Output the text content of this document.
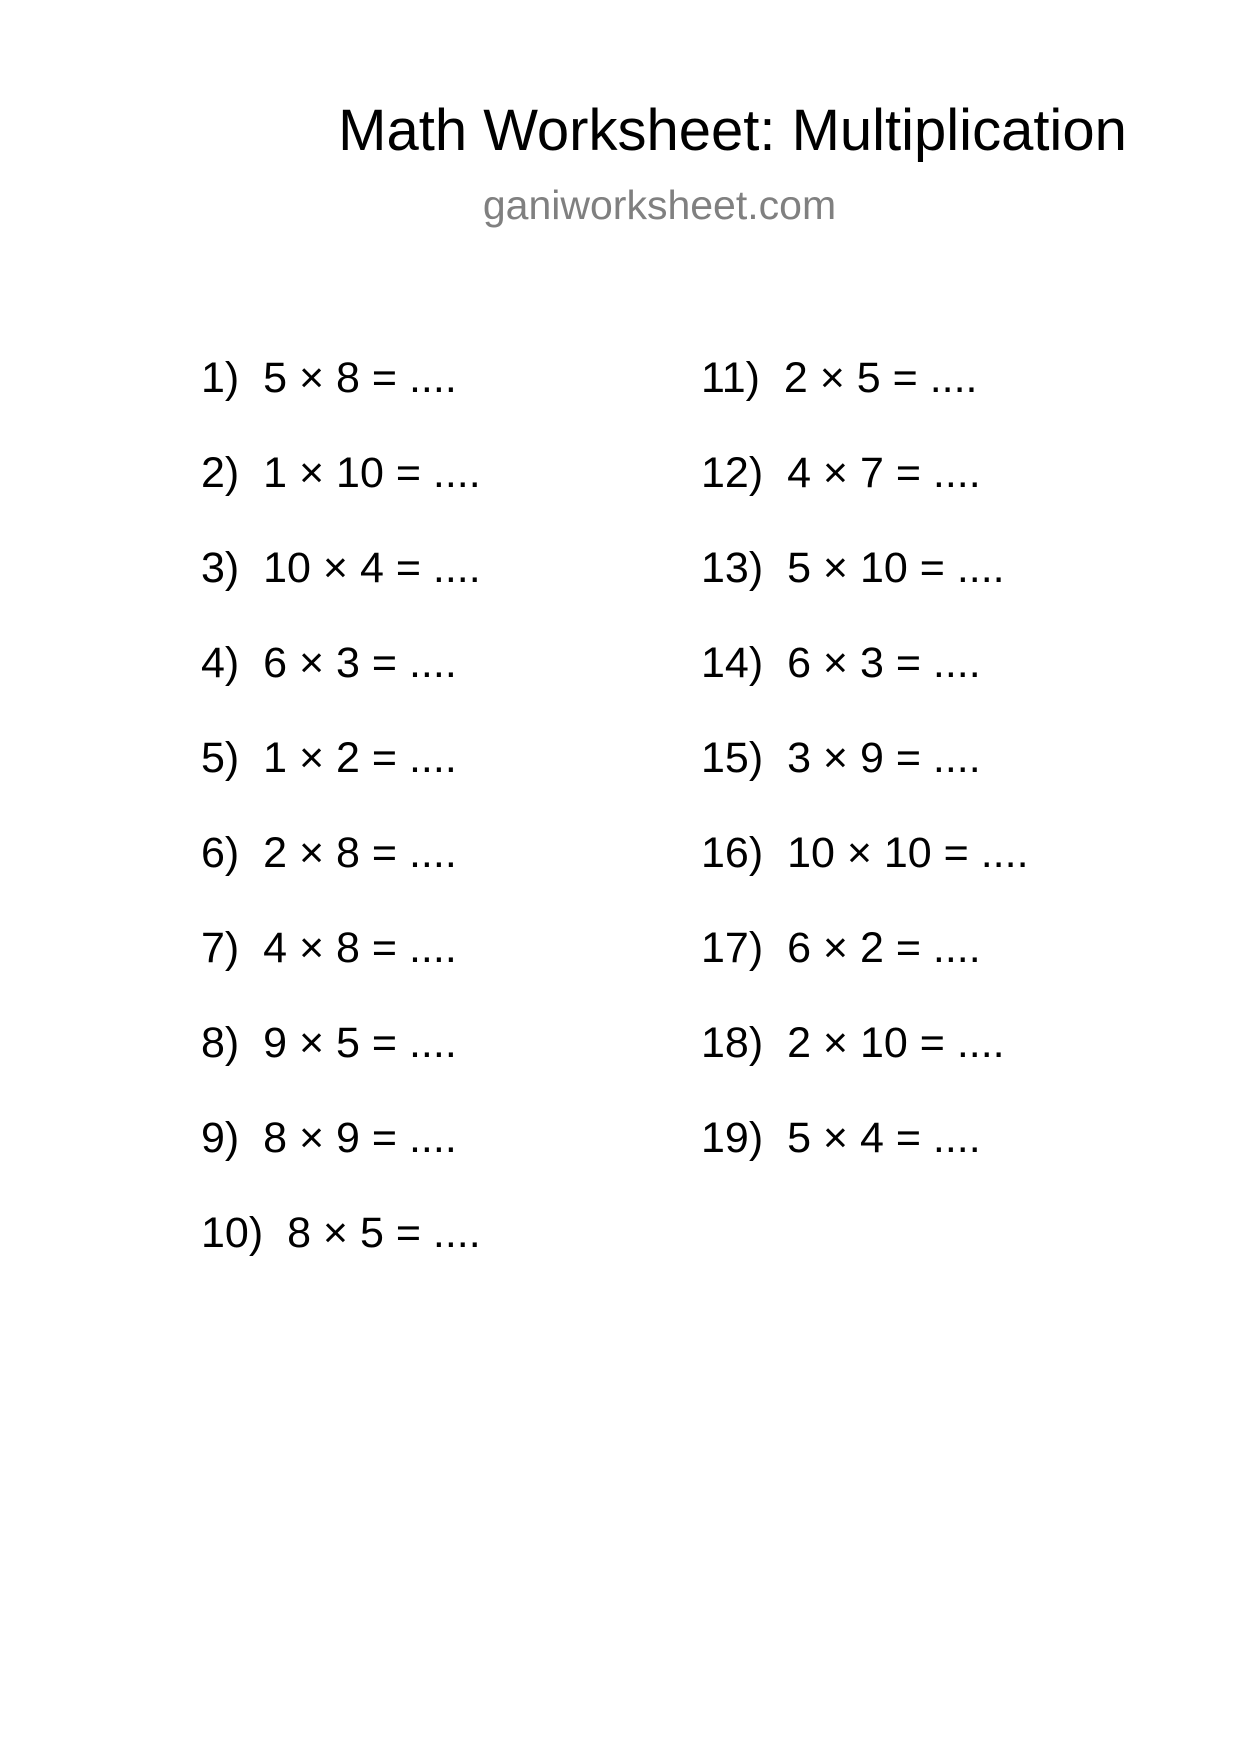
Math Worksheet: Multiplication
ganiworksheet.com
1) 5 × 8 = ....
2) 1 × 10 = ....
3) 10 × 4 = ....
4) 6 × 3 = ....
5) 1 × 2 = ....
6) 2 × 8 = ....
7) 4 × 8 = ....
8) 9 × 5 = ....
9) 8 × 9 = ....
10) 8 × 5 = ....
11) 2 × 5 = ....
12) 4 × 7 = ....
13) 5 × 10 = ....
14) 6 × 3 = ....
15) 3 × 9 = ....
16) 10 × 10 = ....
17) 6 × 2 = ....
18) 2 × 10 = ....
19) 5 × 4 = ....
